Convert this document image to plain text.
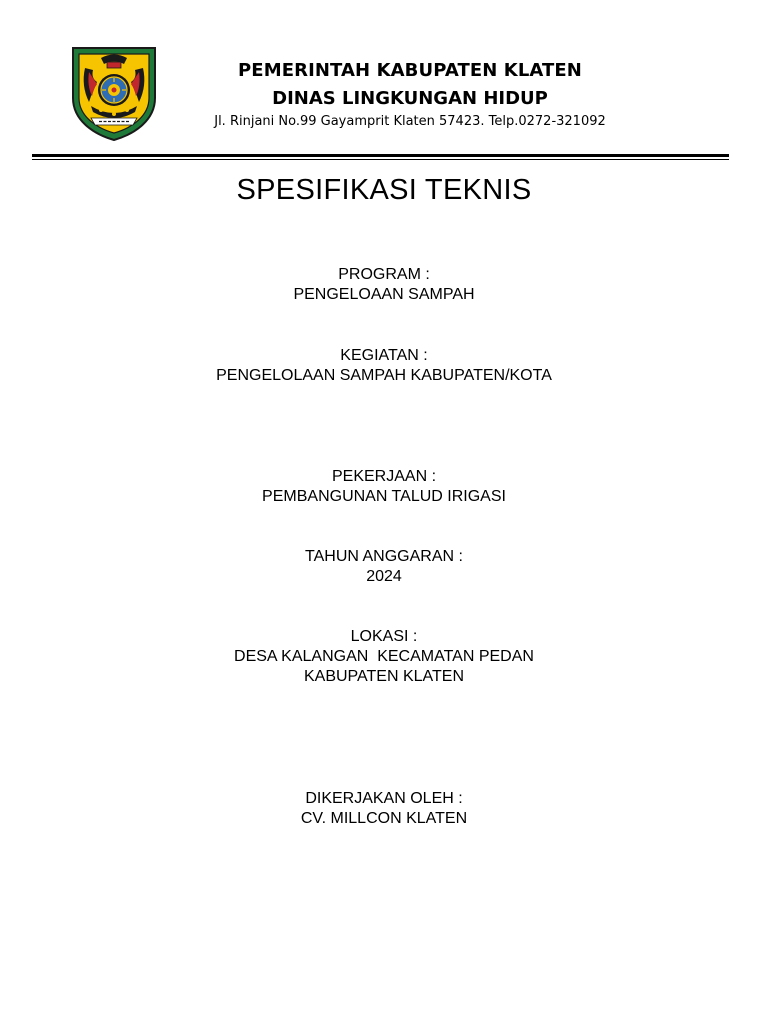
PEMERINTAH KABUPATEN KLATEN
DINAS LINGKUNGAN HIDUP
Jl. Rinjani No.99 Gayamprit Klaten 57423. Telp.0272-321092
SPESIFIKASI TEKNIS
PROGRAM :
PENGELOAAN SAMPAH
KEGIATAN :
PENGELOLAAN SAMPAH KABUPATEN/KOTA
PEKERJAAN :
PEMBANGUNAN TALUD IRIGASI
TAHUN ANGGARAN :
2024
LOKASI :
DESA KALANGAN  KECAMATAN PEDAN
KABUPATEN KLATEN
DIKERJAKAN OLEH :
CV. MILLCON KLATEN
